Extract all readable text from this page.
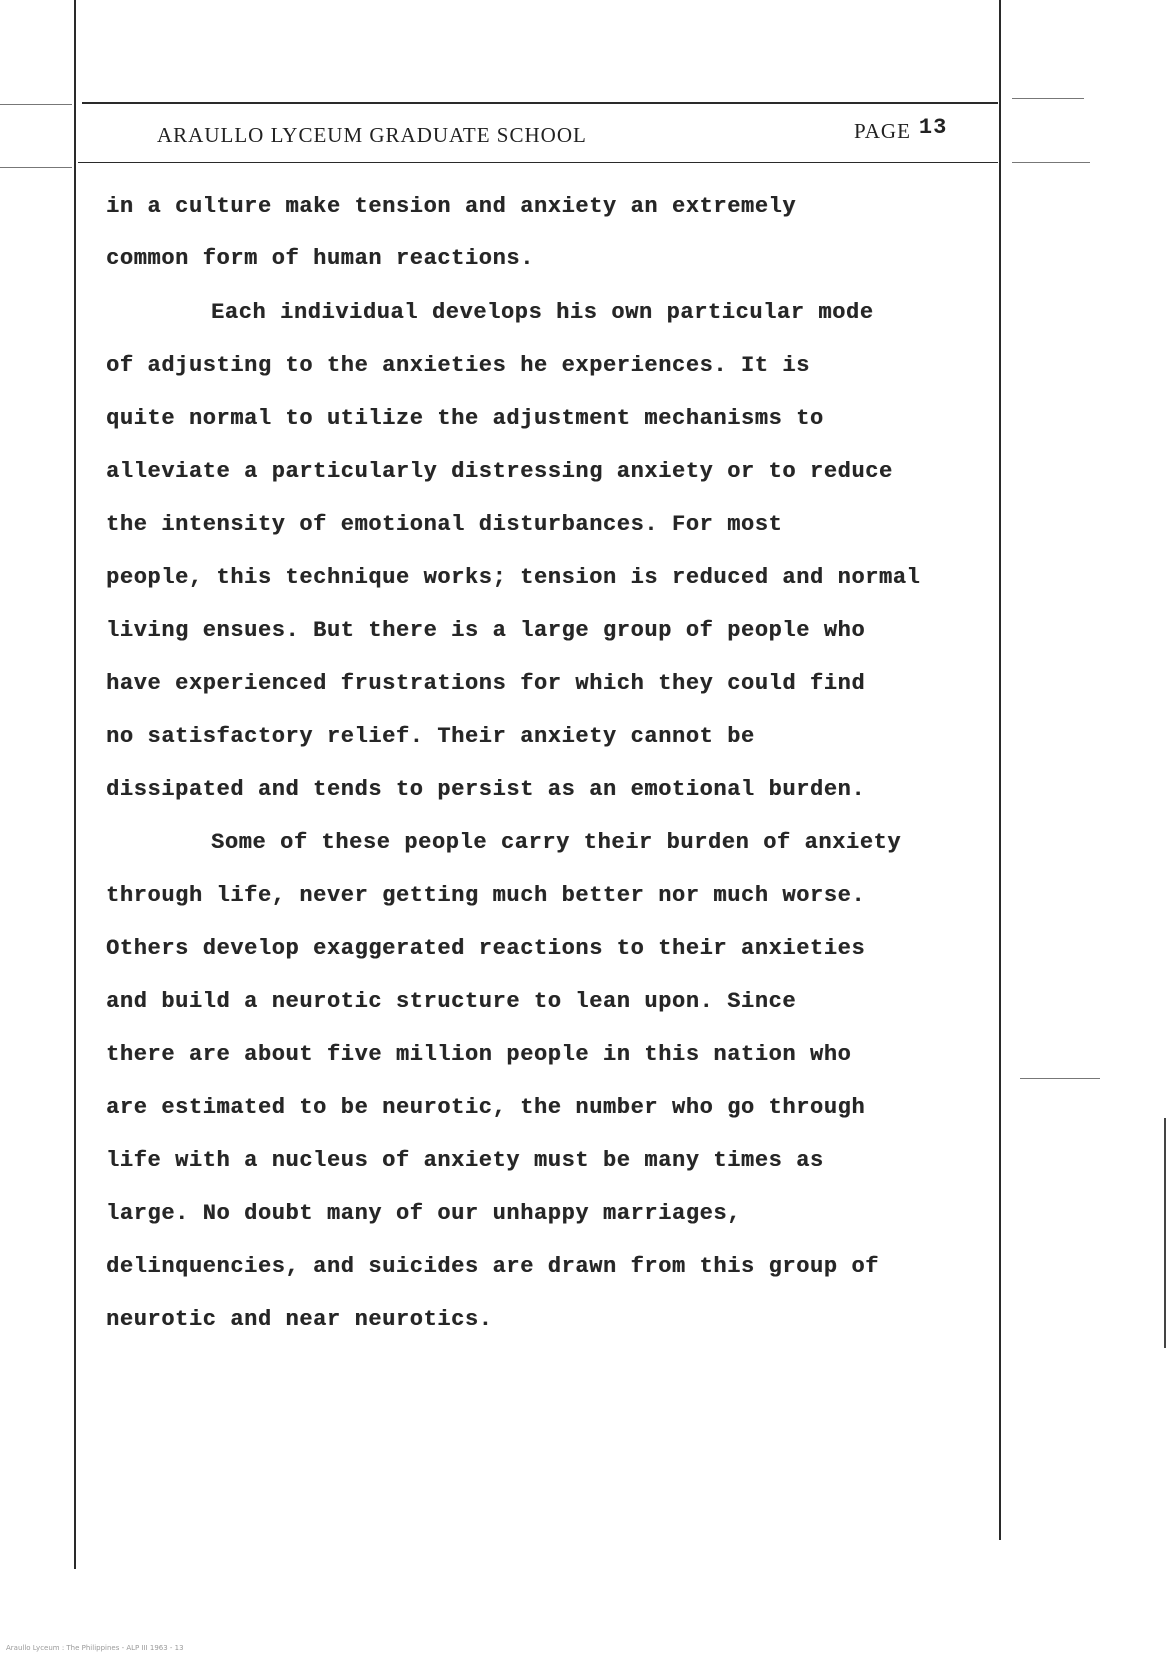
ARAULLO LYCEUM GRADUATE SCHOOL	PAGE 13
in a culture make tension and anxiety an extremely
common form of human reactions.
Each individual develops his own particular mode
of adjusting to the anxieties he experiences. It is
quite normal to utilize the adjustment mechanisms to
alleviate a particularly distressing anxiety or to reduce
the intensity of emotional disturbances. For most
people, this technique works; tension is reduced and normal
living ensues. But there is a large group of people who
have experienced frustrations for which they could find
no satisfactory relief. Their anxiety cannot be
dissipated and tends to persist as an emotional burden.
Some of these people carry their burden of anxiety
through life, never getting much better nor much worse.
Others develop exaggerated reactions to their anxieties
and build a neurotic structure to lean upon. Since
there are about five million people in this nation who
are estimated to be neurotic, the number who go through
life with a nucleus of anxiety must be many times as
large. No doubt many of our unhappy marriages,
delinquencies, and suicides are drawn from this group of
neurotic and near neurotics.
Araullo Lyceum : The Philippines - ALP III 1963 - 13
